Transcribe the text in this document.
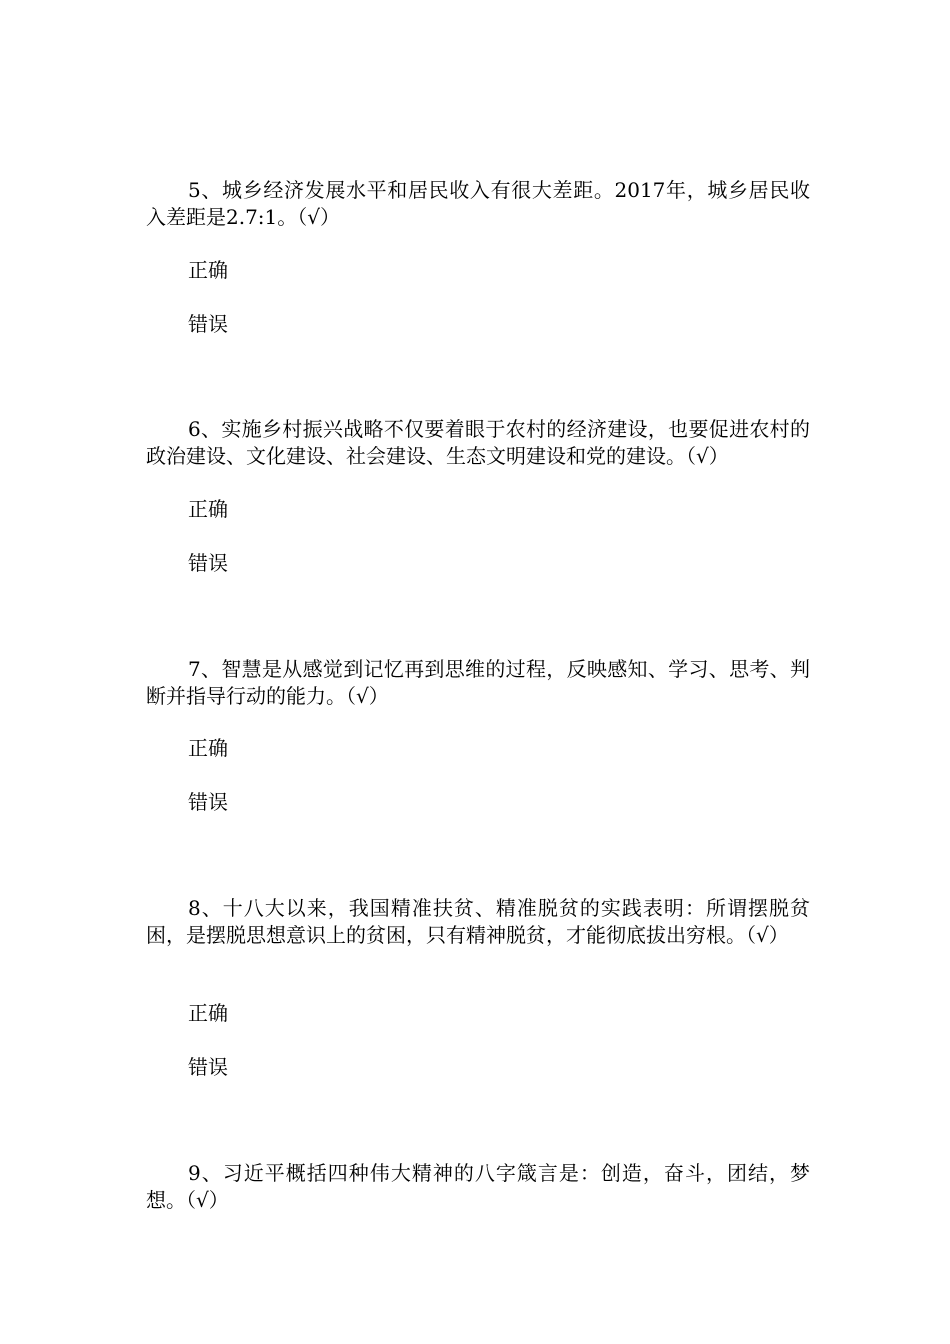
5、城乡经济发展水平和居民收入有很大差距。2017年，城乡居民收入差距是2.7:1。（√）

正确

错误

6、实施乡村振兴战略不仅要着眼于农村的经济建设，也要促进农村的政治建设、文化建设、社会建设、生态文明建设和党的建设。（√）

正确

错误

7、智慧是从感觉到记忆再到思维的过程，反映感知、学习、思考、判断并指导行动的能力。（√）

正确

错误

8、十八大以来，我国精准扶贫、精准脱贫的实践表明：所谓摆脱贫困，是摆脱思想意识上的贫困，只有精神脱贫，才能彻底拔出穷根。（√）

正确

错误

9、习近平概括四种伟大精神的八字箴言是：创造，奋斗，团结，梦想。（√）
